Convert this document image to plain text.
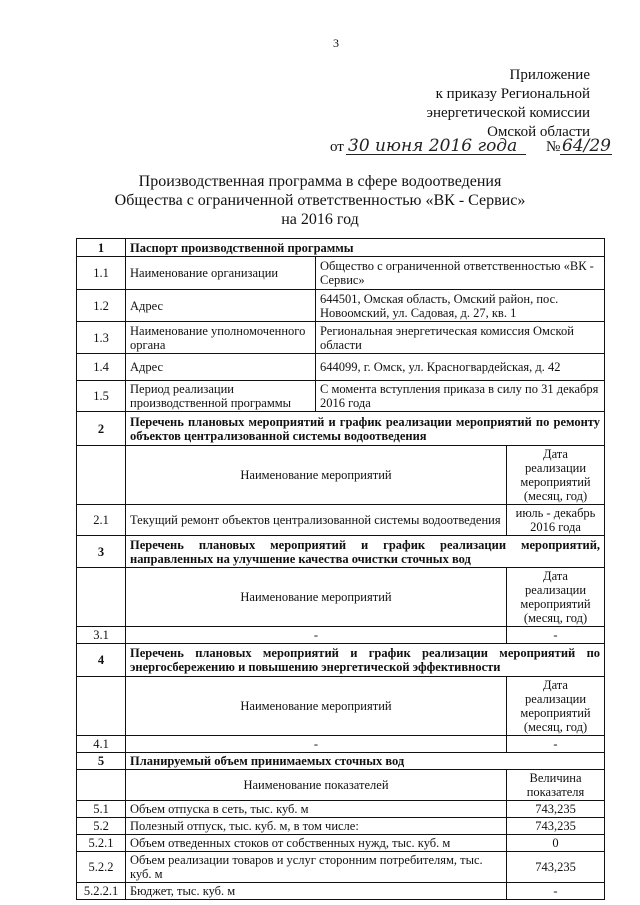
3
Приложение
к приказу Региональной
энергетической комиссии
Омской области
от 30 июня 2016 года № 64/29
Производственная программа в сфере водоотведения
Общества с ограниченной ответственностью «ВК - Сервис»
на 2016 год
1	Паспорт производственной программы		
1.1	Наименование организации	Общество с ограниченной ответственностью «ВК - Сервис»	
1.2	Адрес	644501, Омская область, Омский район, пос. Новоомский, ул. Садовая, д. 27, кв. 1	
1.3	Наименование уполномоченного органа	Региональная энергетическая комиссия Омской области	
1.4	Адрес	644099, г. Омск, ул. Красногвардейская, д. 42	
1.5	Период реализации производственной программы	С момента вступления приказа в силу по 31 декабря 2016 года	
2	Перечень плановых мероприятий и график реализации мероприятий по ремонту объектов централизованной системы водоотведения		
	Наименование мероприятий		Дата реализации мероприятий (месяц, год)
2.1	Текущий ремонт объектов централизованной системы водоотведения		июль - декабрь 2016 года
3	Перечень плановых мероприятий и график реализации мероприятий, направленных на улучшение качества очистки сточных вод		
	Наименование мероприятий		Дата реализации мероприятий (месяц, год)
3.1	-		-
4	Перечень плановых мероприятий и график реализации мероприятий по энергосбережению и повышению энергетической эффективности		
	Наименование мероприятий		Дата реализации мероприятий (месяц, год)
4.1	-		-
5	Планируемый объем принимаемых сточных вод		
	Наименование показателей		Величина показателя
5.1	Объем отпуска в сеть, тыс. куб. м		743,235
5.2	Полезный отпуск, тыс. куб. м, в том числе:		743,235
5.2.1	Объем отведенных стоков от собственных нужд, тыс. куб. м		0
5.2.2	Объем реализации товаров и услуг сторонним потребителям, тыс. куб. м		743,235
5.2.2.1	Бюджет, тыс. куб. м		-
